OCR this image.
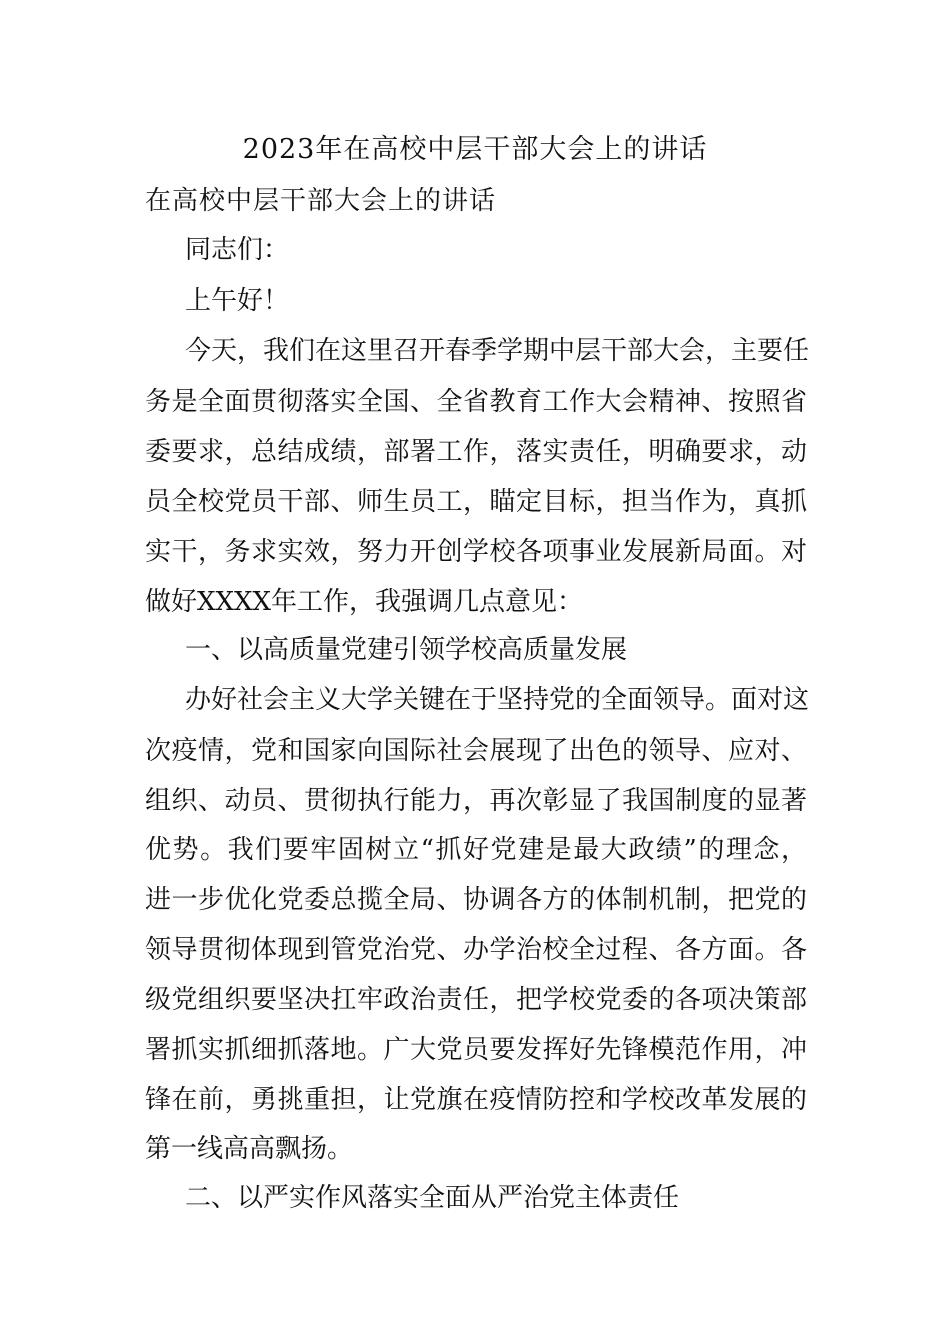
2023年在高校中层干部大会上的讲话
在高校中层干部大会上的讲话
同志们：
上午好！
今天，我们在这里召开春季学期中层干部大会，主要任
务是全面贯彻落实全国、全省教育工作大会精神、按照省
委要求，总结成绩，部署工作，落实责任，明确要求，动
员全校党员干部、师生员工，瞄定目标，担当作为，真抓
实干，务求实效，努力开创学校各项事业发展新局面。对
做好XXXX年工作，我强调几点意见：
一、以高质量党建引领学校高质量发展
办好社会主义大学关键在于坚持党的全面领导。面对这
次疫情，党和国家向国际社会展现了出色的领导、应对、
组织、动员、贯彻执行能力，再次彰显了我国制度的显著
优势。我们要牢固树立“抓好党建是最大政绩”的理念，
进一步优化党委总揽全局、协调各方的体制机制，把党的
领导贯彻体现到管党治党、办学治校全过程、各方面。各
级党组织要坚决扛牢政治责任，把学校党委的各项决策部
署抓实抓细抓落地。广大党员要发挥好先锋模范作用，冲
锋在前，勇挑重担，让党旗在疫情防控和学校改革发展的
第一线高高飘扬。
二、以严实作风落实全面从严治党主体责任
